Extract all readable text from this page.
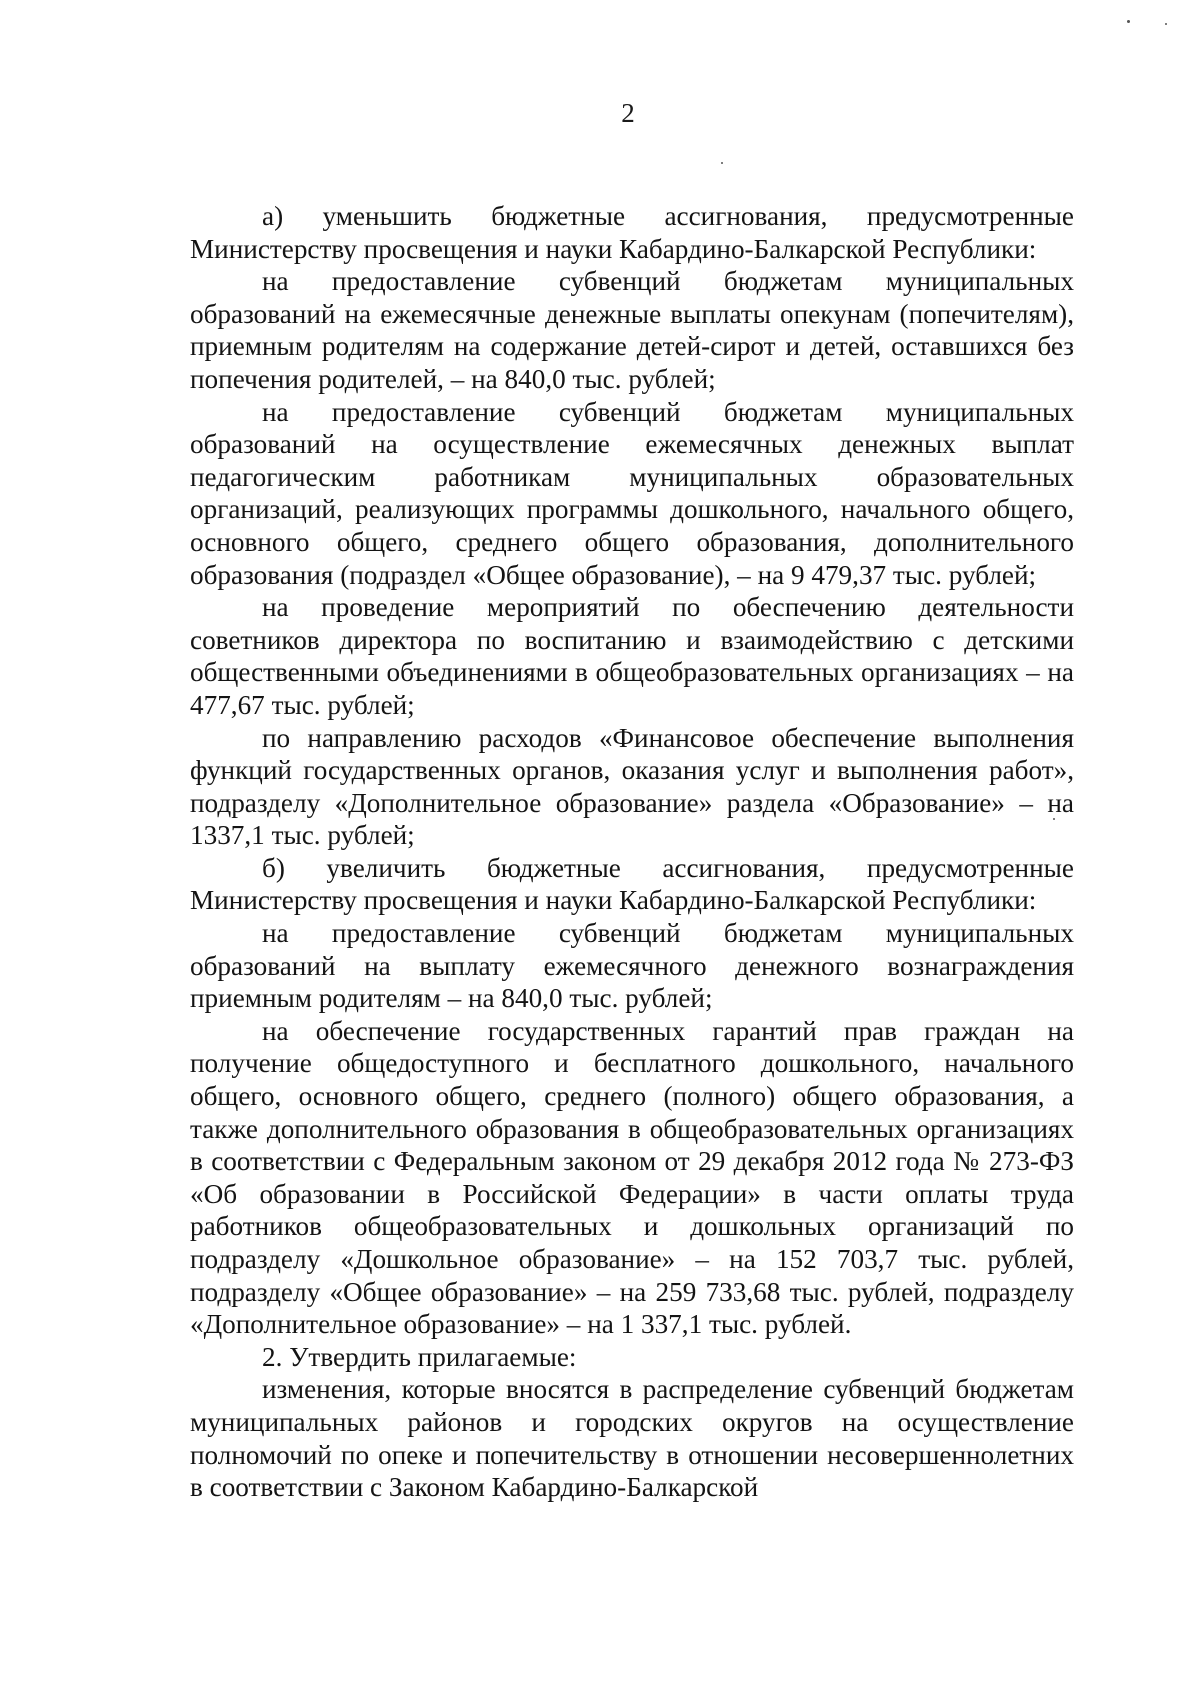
2

а) уменьшить бюджетные ассигнования, предусмотренные Министерству просвещения и науки Кабардино-Балкарской Республики:

на предоставление субвенций бюджетам муниципальных образований на ежемесячные денежные выплаты опекунам (попечителям), приемным родителям на содержание детей-сирот и детей, оставшихся без попечения родителей, – на 840,0 тыс. рублей;

на предоставление субвенций бюджетам муниципальных образований на осуществление ежемесячных денежных выплат педагогическим работникам муниципальных образовательных организаций, реализующих программы дошкольного, начального общего, основного общего, среднего общего образования, дополнительного образования (подраздел «Общее образование), – на 9 479,37 тыс. рублей;

на проведение мероприятий по обеспечению деятельности советников директора по воспитанию и взаимодействию с детскими общественными объединениями в общеобразовательных организациях – на 477,67 тыс. рублей;

по направлению расходов «Финансовое обеспечение выполнения функций государственных органов, оказания услуг и выполнения работ», подразделу «Дополнительное образование» раздела «Образование» – на 1337,1 тыс. рублей;

б) увеличить бюджетные ассигнования, предусмотренные Министерству просвещения и науки Кабардино-Балкарской Республики:

на предоставление субвенций бюджетам муниципальных образований на выплату ежемесячного денежного вознаграждения приемным родителям – на 840,0 тыс. рублей;

на обеспечение государственных гарантий прав граждан на получение общедоступного и бесплатного дошкольного, начального общего, основного общего, среднего (полного) общего образования, а также дополнительного образования в общеобразовательных организациях в соответствии с Федеральным законом от 29 декабря 2012 года № 273-ФЗ «Об образовании в Российской Федерации» в части оплаты труда работников общеобразовательных и дошкольных организаций по подразделу «Дошкольное образование» – на 152 703,7 тыс. рублей, подразделу «Общее образование» – на 259 733,68 тыс. рублей, подразделу «Дополнительное образование» – на 1 337,1 тыс. рублей.

2. Утвердить прилагаемые:

изменения, которые вносятся в распределение субвенций бюджетам муниципальных районов и городских округов на осуществление полномочий по опеке и попечительству в отношении несовершеннолетних в соответствии с Законом Кабардино-Балкарской
